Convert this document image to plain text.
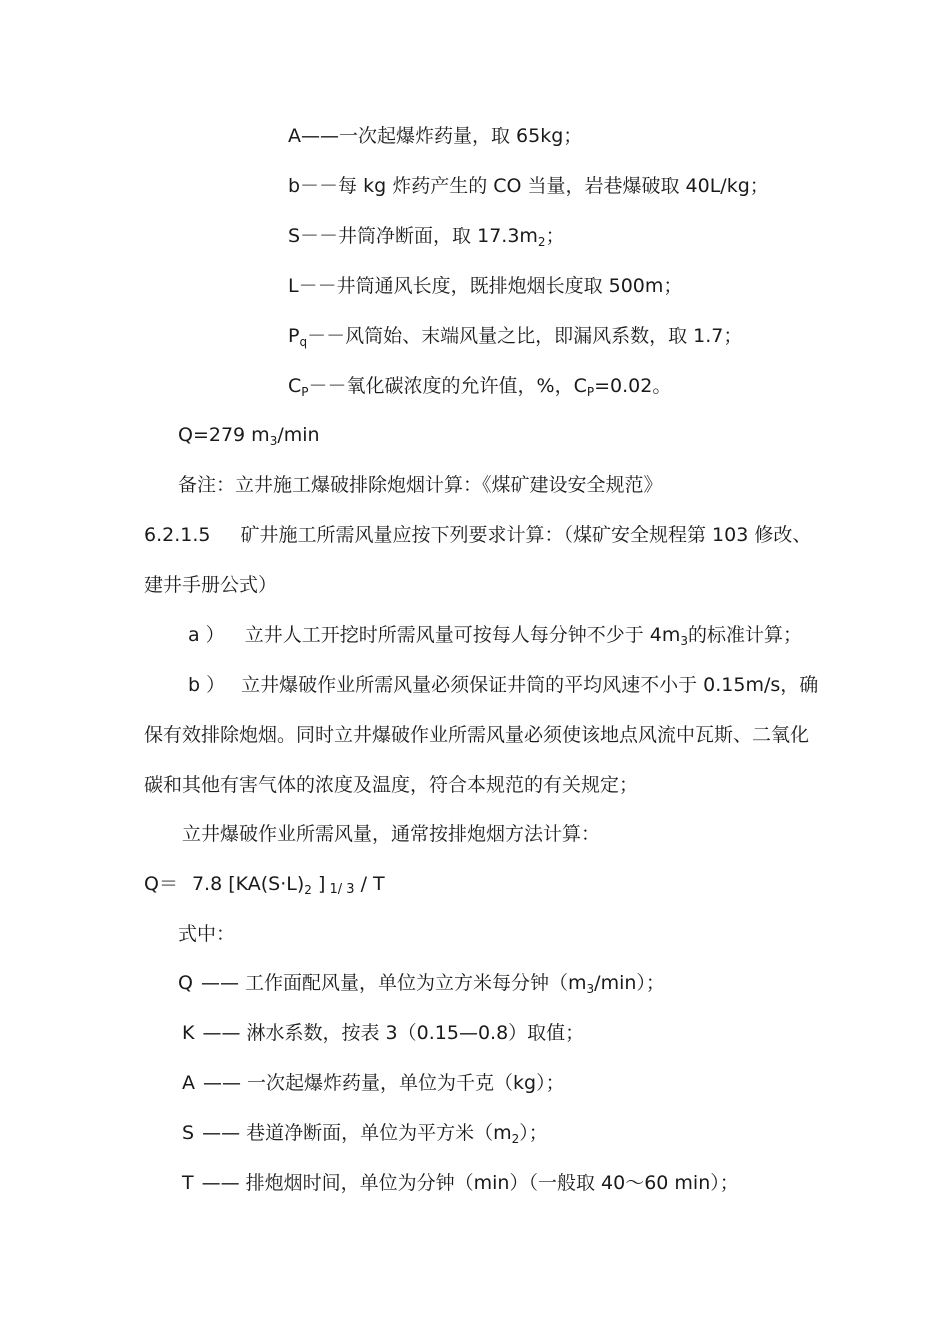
A——一次起爆炸药量，取 65kg；
b－－每 kg 炸药产生的 CO 当量，岩巷爆破取 40L/kg；
S－－井筒净断面，取 $17.3m_2$；
L－－井筒通风长度，既排炮烟长度取 500m；
$P_q--$风筒始、末端风量之比，即漏风系数，取 1.7；
$C_P--$氧化碳浓度的允许值，%，$C_P=0.02$。
Q=279 $m_3/\min$
备注：立井施工爆破排除炮烟计算：《煤矿建设安全规范》
6.2.1.5 矿井施工所需风量应按下列要求计算：（煤矿安全规程第 103 修改、
建井手册公式）
a ） 立井人工开挖时所需风量可按每人每分钟不少于 $4m_3$的标准计算；
b ） 立井爆破作业所需风量必须保证井筒的平均风速不小于 0.15m/s，确
保有效排除炮烟。同时立井爆破作业所需风量必须使该地点风流中瓦斯、二氧化
碳和其他有害气体的浓度及温度，符合本规范的有关规定；
立井爆破作业所需风量，通常按排炮烟方法计算：
Q＝ 7.8 [$KA(S\cdot L)_2$ ] 1/ 3 / T
式中：
Q —— 工作面配风量，单位为立方米每分钟$(m_3/\min)$；
K —— 淋水系数，按表 3（0.15—0.8）取值；
A —— 一次起爆炸药量，单位为千克（kg）；
S —— 巷道净断面，单位为平方米$(m_2)$；
T —— 排炮烟时间，单位为分钟（min）（一般取 40～60 min）；
